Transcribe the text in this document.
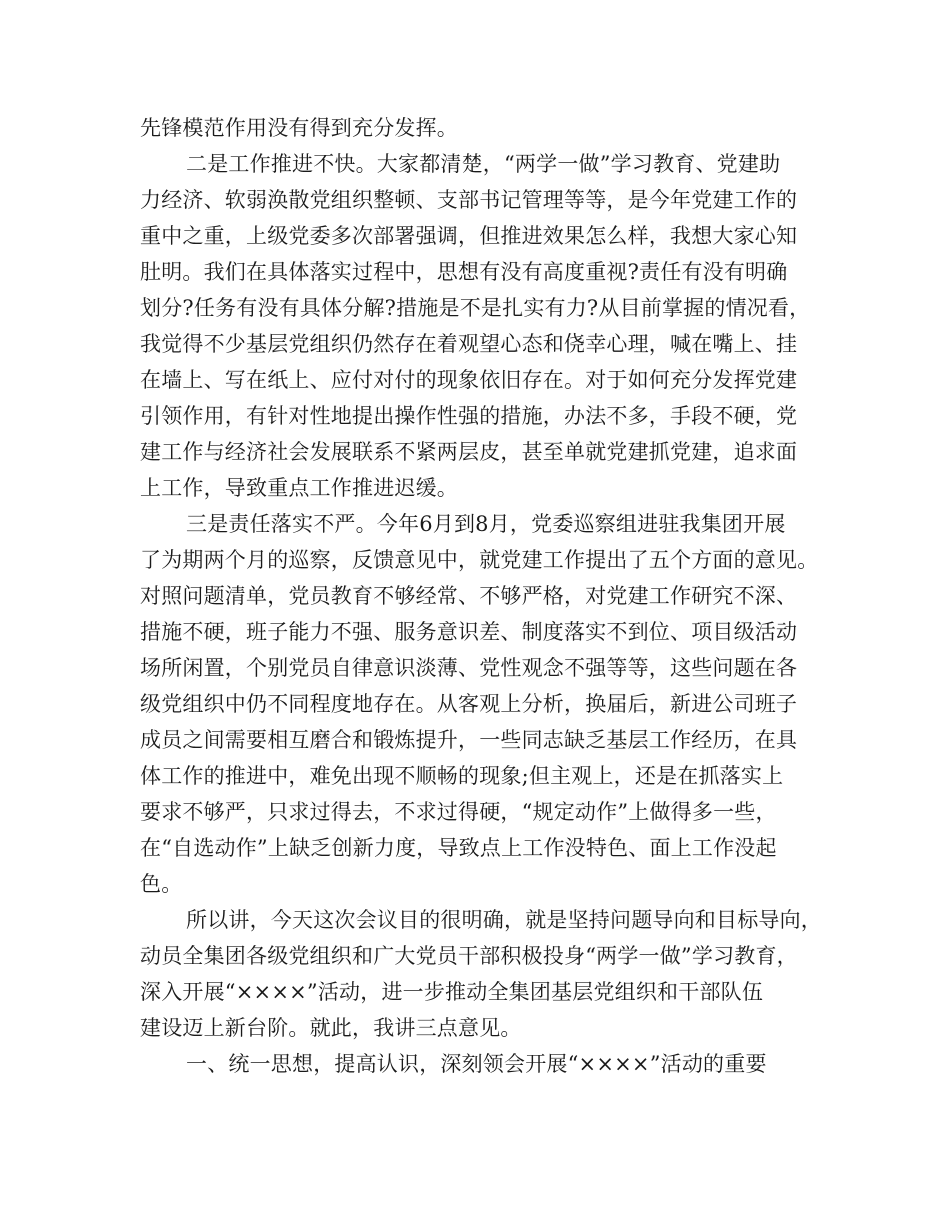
先锋模范作用没有得到充分发挥。
二是工作推进不快。大家都清楚，“两学一做”学习教育、党建助
力经济、软弱涣散党组织整顿、支部书记管理等等，是今年党建工作的
重中之重，上级党委多次部署强调，但推进效果怎么样，我想大家心知
肚明。我们在具体落实过程中，思想有没有高度重视?责任有没有明确
划分?任务有没有具体分解?措施是不是扎实有力?从目前掌握的情况看，
我觉得不少基层党组织仍然存在着观望心态和侥幸心理，喊在嘴上、挂
在墙上、写在纸上、应付对付的现象依旧存在。对于如何充分发挥党建
引领作用，有针对性地提出操作性强的措施，办法不多，手段不硬，党
建工作与经济社会发展联系不紧两层皮，甚至单就党建抓党建，追求面
上工作，导致重点工作推进迟缓。
三是责任落实不严。今年6月到8月，党委巡察组进驻我集团开展
了为期两个月的巡察，反馈意见中，就党建工作提出了五个方面的意见。
对照问题清单，党员教育不够经常、不够严格，对党建工作研究不深、
措施不硬，班子能力不强、服务意识差、制度落实不到位、项目级活动
场所闲置，个别党员自律意识淡薄、党性观念不强等等，这些问题在各
级党组织中仍不同程度地存在。从客观上分析，换届后，新进公司班子
成员之间需要相互磨合和锻炼提升，一些同志缺乏基层工作经历，在具
体工作的推进中，难免出现不顺畅的现象;但主观上，还是在抓落实上
要求不够严，只求过得去，不求过得硬，“规定动作”上做得多一些，
在“自选动作”上缺乏创新力度，导致点上工作没特色、面上工作没起
色。
所以讲，今天这次会议目的很明确，就是坚持问题导向和目标导向，
动员全集团各级党组织和广大党员干部积极投身“两学一做”学习教育，
深入开展“××××”活动，进一步推动全集团基层党组织和干部队伍
建设迈上新台阶。就此，我讲三点意见。
一、统一思想，提高认识，深刻领会开展“××××”活动的重要
